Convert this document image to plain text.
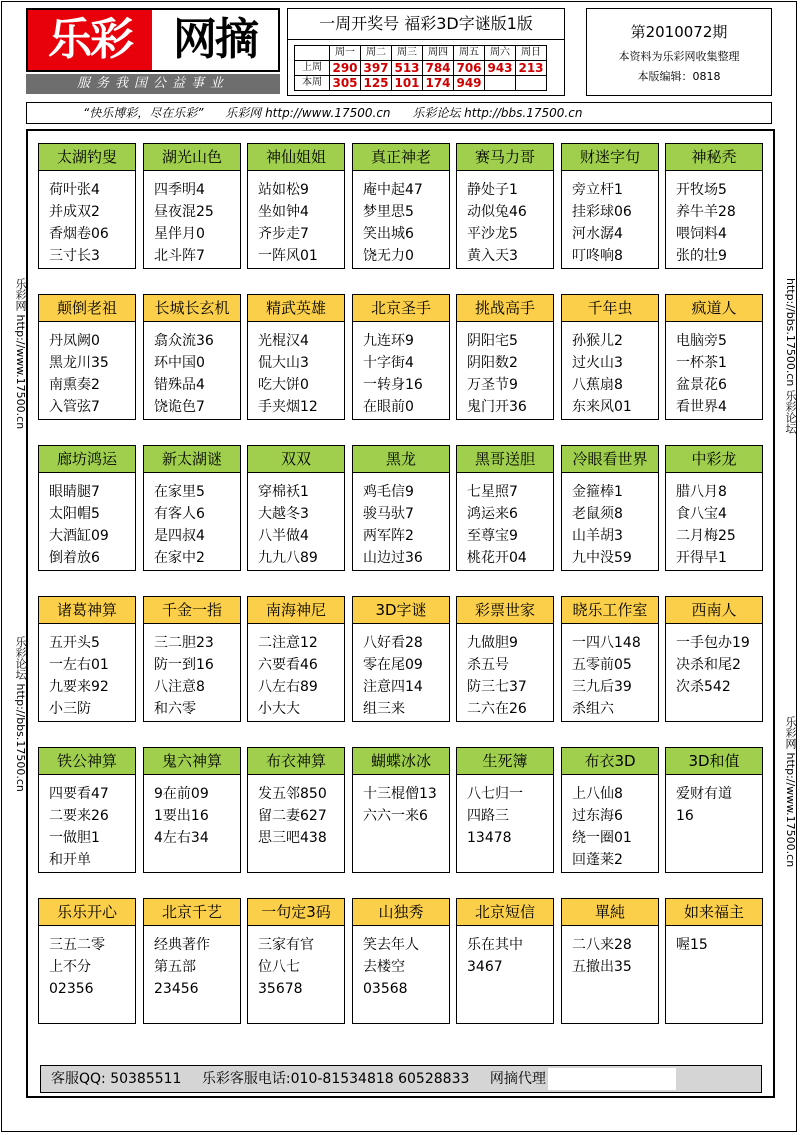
乐彩 网摘
服务我国公益事业
一周开奖号 福彩3D字谜版1版
	周一	周二	周三	周四	周五	周六	周日
上周	290	397	513	784	706	943	213
本周	305	125	101	174	949		
第2010072期
本资料为乐彩网收集整理
本版编辑：0818
“快乐博彩，尽在乐彩” 乐彩网 http://www.17500.cn 乐彩论坛 http://bbs.17500.cn
乐彩网 http://www.17500.cn
乐彩论坛 http://bbs.17500.cn
http://bbs.17500.cn 乐彩论坛
乐彩网 http://www.17500.cn
太湖钓叟
荷叶张4
并成双2
香烟卷06
三寸长3
湖光山色
四季明4
昼夜混25
星伴月0
北斗阵7
神仙姐姐
站如松9
坐如钟4
齐步走7
一阵风01
真正神老
庵中起47
梦里思5
笑出城6
饶无力0
赛马力哥
静处子1
动似兔46
平沙龙5
黄入天3
财迷字句
旁立杆1
挂彩球06
河水潺4
叮咚响8
神秘秃
开牧场5
养牛羊28
喂饲料4
张的壮9
颠倒老祖
丹凤阙0
黑龙川35
南熏奏2
入管弦7
长城长玄机
翕众流36
环中国0
错殊品4
饶诡色7
精武英雄
光棍汉4
侃大山3
吃大饼0
手夹烟12
北京圣手
九连环9
十字街4
一转身16
在眼前0
挑战高手
阴阳宅5
阴阳数2
万圣节9
鬼门开36
千年虫
孙猴儿2
过火山3
八蕉扇8
东来风01
疯道人
电脑旁5
一杯茶1
盆景花6
看世界4
廊坊鸿运
眼睛腿7
太阳帽5
大酒缸09
倒着放6
新太湖谜
在家里5
有客人6
是四叔4
在家中2
双双
穿棉袄1
大越冬3
八半做4
九九八89
黑龙
鸡毛信9
骏马驮7
两军阵2
山边过36
黑哥送胆
七星照7
鸿运来6
至尊宝9
桃花开04
冷眼看世界
金箍棒1
老鼠须8
山羊胡3
九中没59
中彩龙
腊八月8
食八宝4
二月梅25
开得早1
诸葛神算
五开头5
一左右01
九要来92
小三防
千金一指
三二胆23
防一到16
八注意8
和六零
南海神尼
二注意12
六要看46
八左右89
小大大
3D字谜
八好看28
零在尾09
注意四14
组三来
彩票世家
九做胆9
杀五号
防三七37
二六在26
晓乐工作室
一四八148
五零前05
三九后39
杀组六
西南人
一手包办19
决杀和尾2
次杀542
铁公神算
四要看47
二要来26
一做胆1
和开单
鬼六神算
9在前09
1要出16
4左右34
布衣神算
发五邻850
留二妻627
思三吧438
蝴蝶冰冰
十三棍僧13
六六一来6
生死簿
八七归一
四路三
13478
布衣3D
上八仙8
过东海6
绕一圈01
回蓬莱2
3D和值
爱财有道
16
乐乐开心
三五二零
上不分
02356
北京千艺
经典著作
第五部
23456
一句定3码
三家有官
位八七
35678
山独秀
笑去年人
去楼空
03568
北京短信
乐在其中
3467
單純
二八来28
五撤出35
如来福主
喔15
客服QQ: 50385511 乐彩客服电话:010-81534818 60528833 网摘代理
